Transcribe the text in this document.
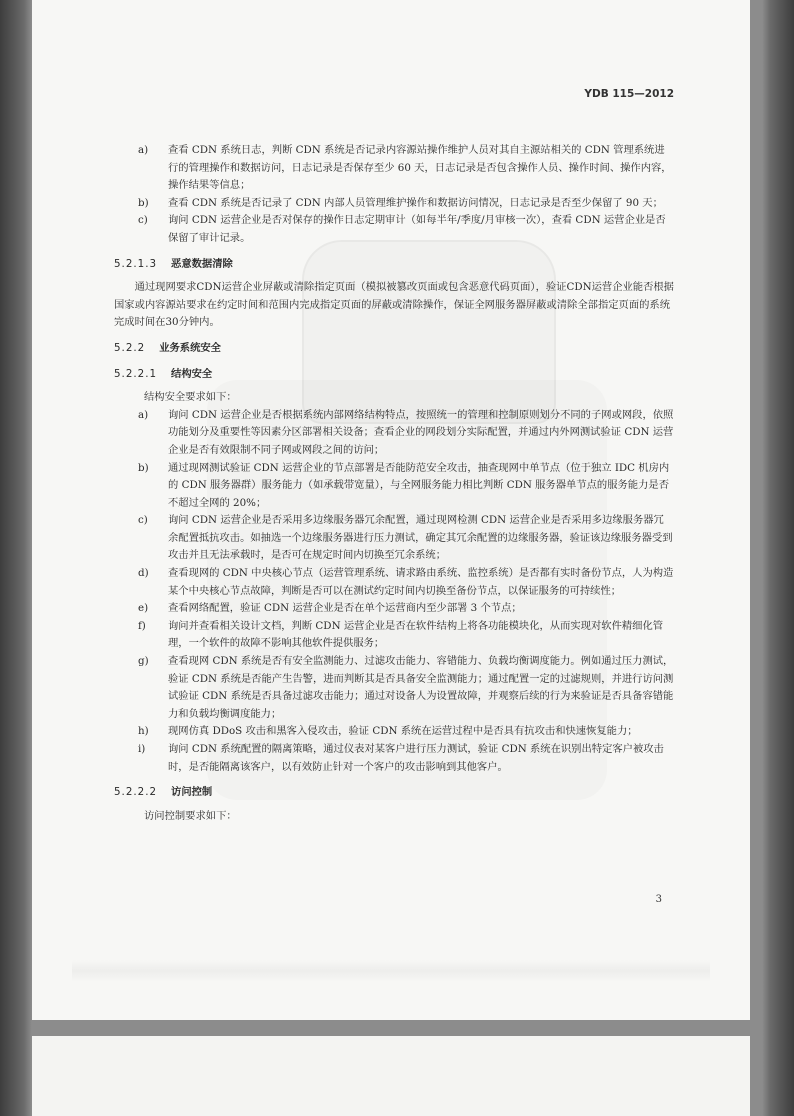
YDB 115—2012
3
a) 查看 CDN 系统日志，判断 CDN 系统是否记录内容源站操作维护人员对其自主源站相关的 CDN 管理系统进行的管理操作和数据访问，日志记录是否保存至少 60 天，日志记录是否包含操作人员、操作时间、操作内容，操作结果等信息；
b) 查看 CDN 系统是否记录了 CDN 内部人员管理维护操作和数据访问情况，日志记录是否至少保留了 90 天；
c) 询问 CDN 运营企业是否对保存的操作日志定期审计（如每半年/季度/月审核一次），查看 CDN 运营企业是否保留了审计记录。
5.2.1.3 恶意数据清除
通过现网要求CDN运营企业屏蔽或清除指定页面（模拟被篡改页面或包含恶意代码页面），验证CDN运营企业能否根据国家或内容源站要求在约定时间和范围内完成指定页面的屏蔽或清除操作，保证全网服务器屏蔽或清除全部指定页面的系统完成时间在30分钟内。
5.2.2 业务系统安全
5.2.2.1 结构安全
结构安全要求如下：
a) 询问 CDN 运营企业是否根据系统内部网络结构特点，按照统一的管理和控制原则划分不同的子网或网段，依照功能划分及重要性等因素分区部署相关设备；查看企业的网段划分实际配置，并通过内外网测试验证 CDN 运营企业是否有效限制不同子网或网段之间的访问；
b) 通过现网测试验证 CDN 运营企业的节点部署是否能防范安全攻击，抽查现网中单节点（位于独立 IDC 机房内的 CDN 服务器群）服务能力（如承载带宽量），与全网服务能力相比判断 CDN 服务器单节点的服务能力是否不超过全网的 20%；
c) 询问 CDN 运营企业是否采用多边缘服务器冗余配置，通过现网检测 CDN 运营企业是否采用多边缘服务器冗余配置抵抗攻击。如抽选一个边缘服务器进行压力测试，确定其冗余配置的边缘服务器，验证该边缘服务器受到攻击并且无法承载时，是否可在规定时间内切换至冗余系统；
d) 查看现网的 CDN 中央核心节点（运营管理系统、请求路由系统、监控系统）是否都有实时备份节点，人为构造某个中央核心节点故障，判断是否可以在测试约定时间内切换至备份节点，以保证服务的可持续性；
e) 查看网络配置，验证 CDN 运营企业是否在单个运营商内至少部署 3 个节点；
f) 询问并查看相关设计文档，判断 CDN 运营企业是否在软件结构上将各功能模块化，从而实现对软件精细化管理，一个软件的故障不影响其他软件提供服务；
g) 查看现网 CDN 系统是否有安全监测能力、过滤攻击能力、容错能力、负载均衡调度能力。例如通过压力测试，验证 CDN 系统是否能产生告警，进而判断其是否具备安全监测能力；通过配置一定的过滤规则，并进行访问测试验证 CDN 系统是否具备过滤攻击能力；通过对设备人为设置故障，并观察后续的行为来验证是否具备容错能力和负载均衡调度能力；
h) 现网仿真 DDoS 攻击和黑客入侵攻击，验证 CDN 系统在运营过程中是否具有抗攻击和快速恢复能力；
i) 询问 CDN 系统配置的隔离策略，通过仪表对某客户进行压力测试，验证 CDN 系统在识别出特定客户被攻击时，是否能隔离该客户，以有效防止针对一个客户的攻击影响到其他客户。
5.2.2.2 访问控制
访问控制要求如下：
